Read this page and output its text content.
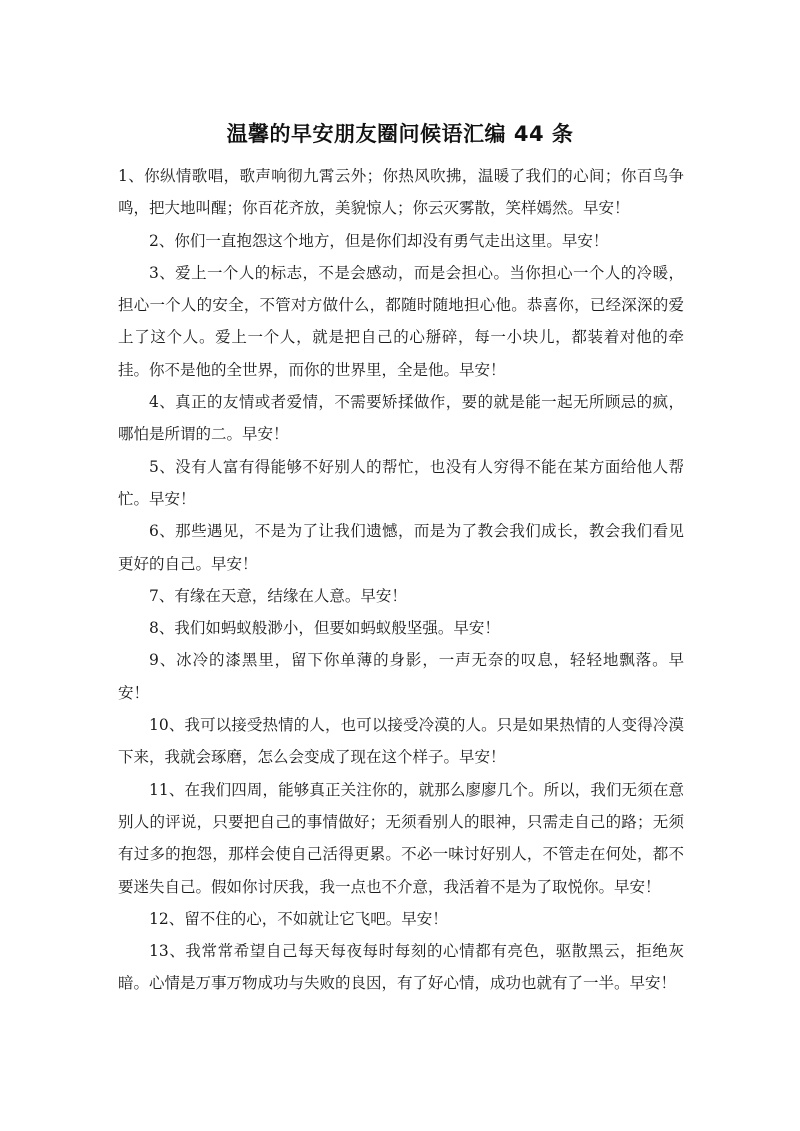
温馨的早安朋友圈问候语汇编 44 条

1、你纵情歌唱，歌声响彻九霄云外；你热风吹拂，温暖了我们的心间；你百鸟争鸣，把大地叫醒；你百花齐放，美貌惊人；你云灭雾散，笑样嫣然。早安！

2、你们一直抱怨这个地方，但是你们却没有勇气走出这里。早安！

3、爱上一个人的标志，不是会感动，而是会担心。当你担心一个人的冷暖，担心一个人的安全，不管对方做什么，都随时随地担心他。恭喜你，已经深深的爱上了这个人。爱上一个人，就是把自己的心掰碎，每一小块儿，都装着对他的牵挂。你不是他的全世界，而你的世界里，全是他。早安！

4、真正的友情或者爱情，不需要矫揉做作，要的就是能一起无所顾忌的疯，哪怕是所谓的二。早安！

5、没有人富有得能够不好别人的帮忙，也没有人穷得不能在某方面给他人帮忙。早安！

6、那些遇见，不是为了让我们遗憾，而是为了教会我们成长，教会我们看见更好的自己。早安！

7、有缘在天意，结缘在人意。早安！

8、我们如蚂蚁般渺小，但要如蚂蚁般坚强。早安！

9、冰冷的漆黑里，留下你单薄的身影，一声无奈的叹息，轻轻地飘落。早安！

10、我可以接受热情的人，也可以接受冷漠的人。只是如果热情的人变得冷漠下来，我就会琢磨，怎么会变成了现在这个样子。早安！

11、在我们四周，能够真正关注你的，就那么廖廖几个。所以，我们无须在意别人的评说，只要把自己的事情做好；无须看别人的眼神，只需走自己的路；无须有过多的抱怨，那样会使自己活得更累。不必一味讨好别人，不管走在何处，都不要迷失自己。假如你讨厌我，我一点也不介意，我活着不是为了取悦你。早安！

12、留不住的心，不如就让它飞吧。早安！

13、我常常希望自己每天每夜每时每刻的心情都有亮色，驱散黑云，拒绝灰暗。心情是万事万物成功与失败的良因，有了好心情，成功也就有了一半。早安！
